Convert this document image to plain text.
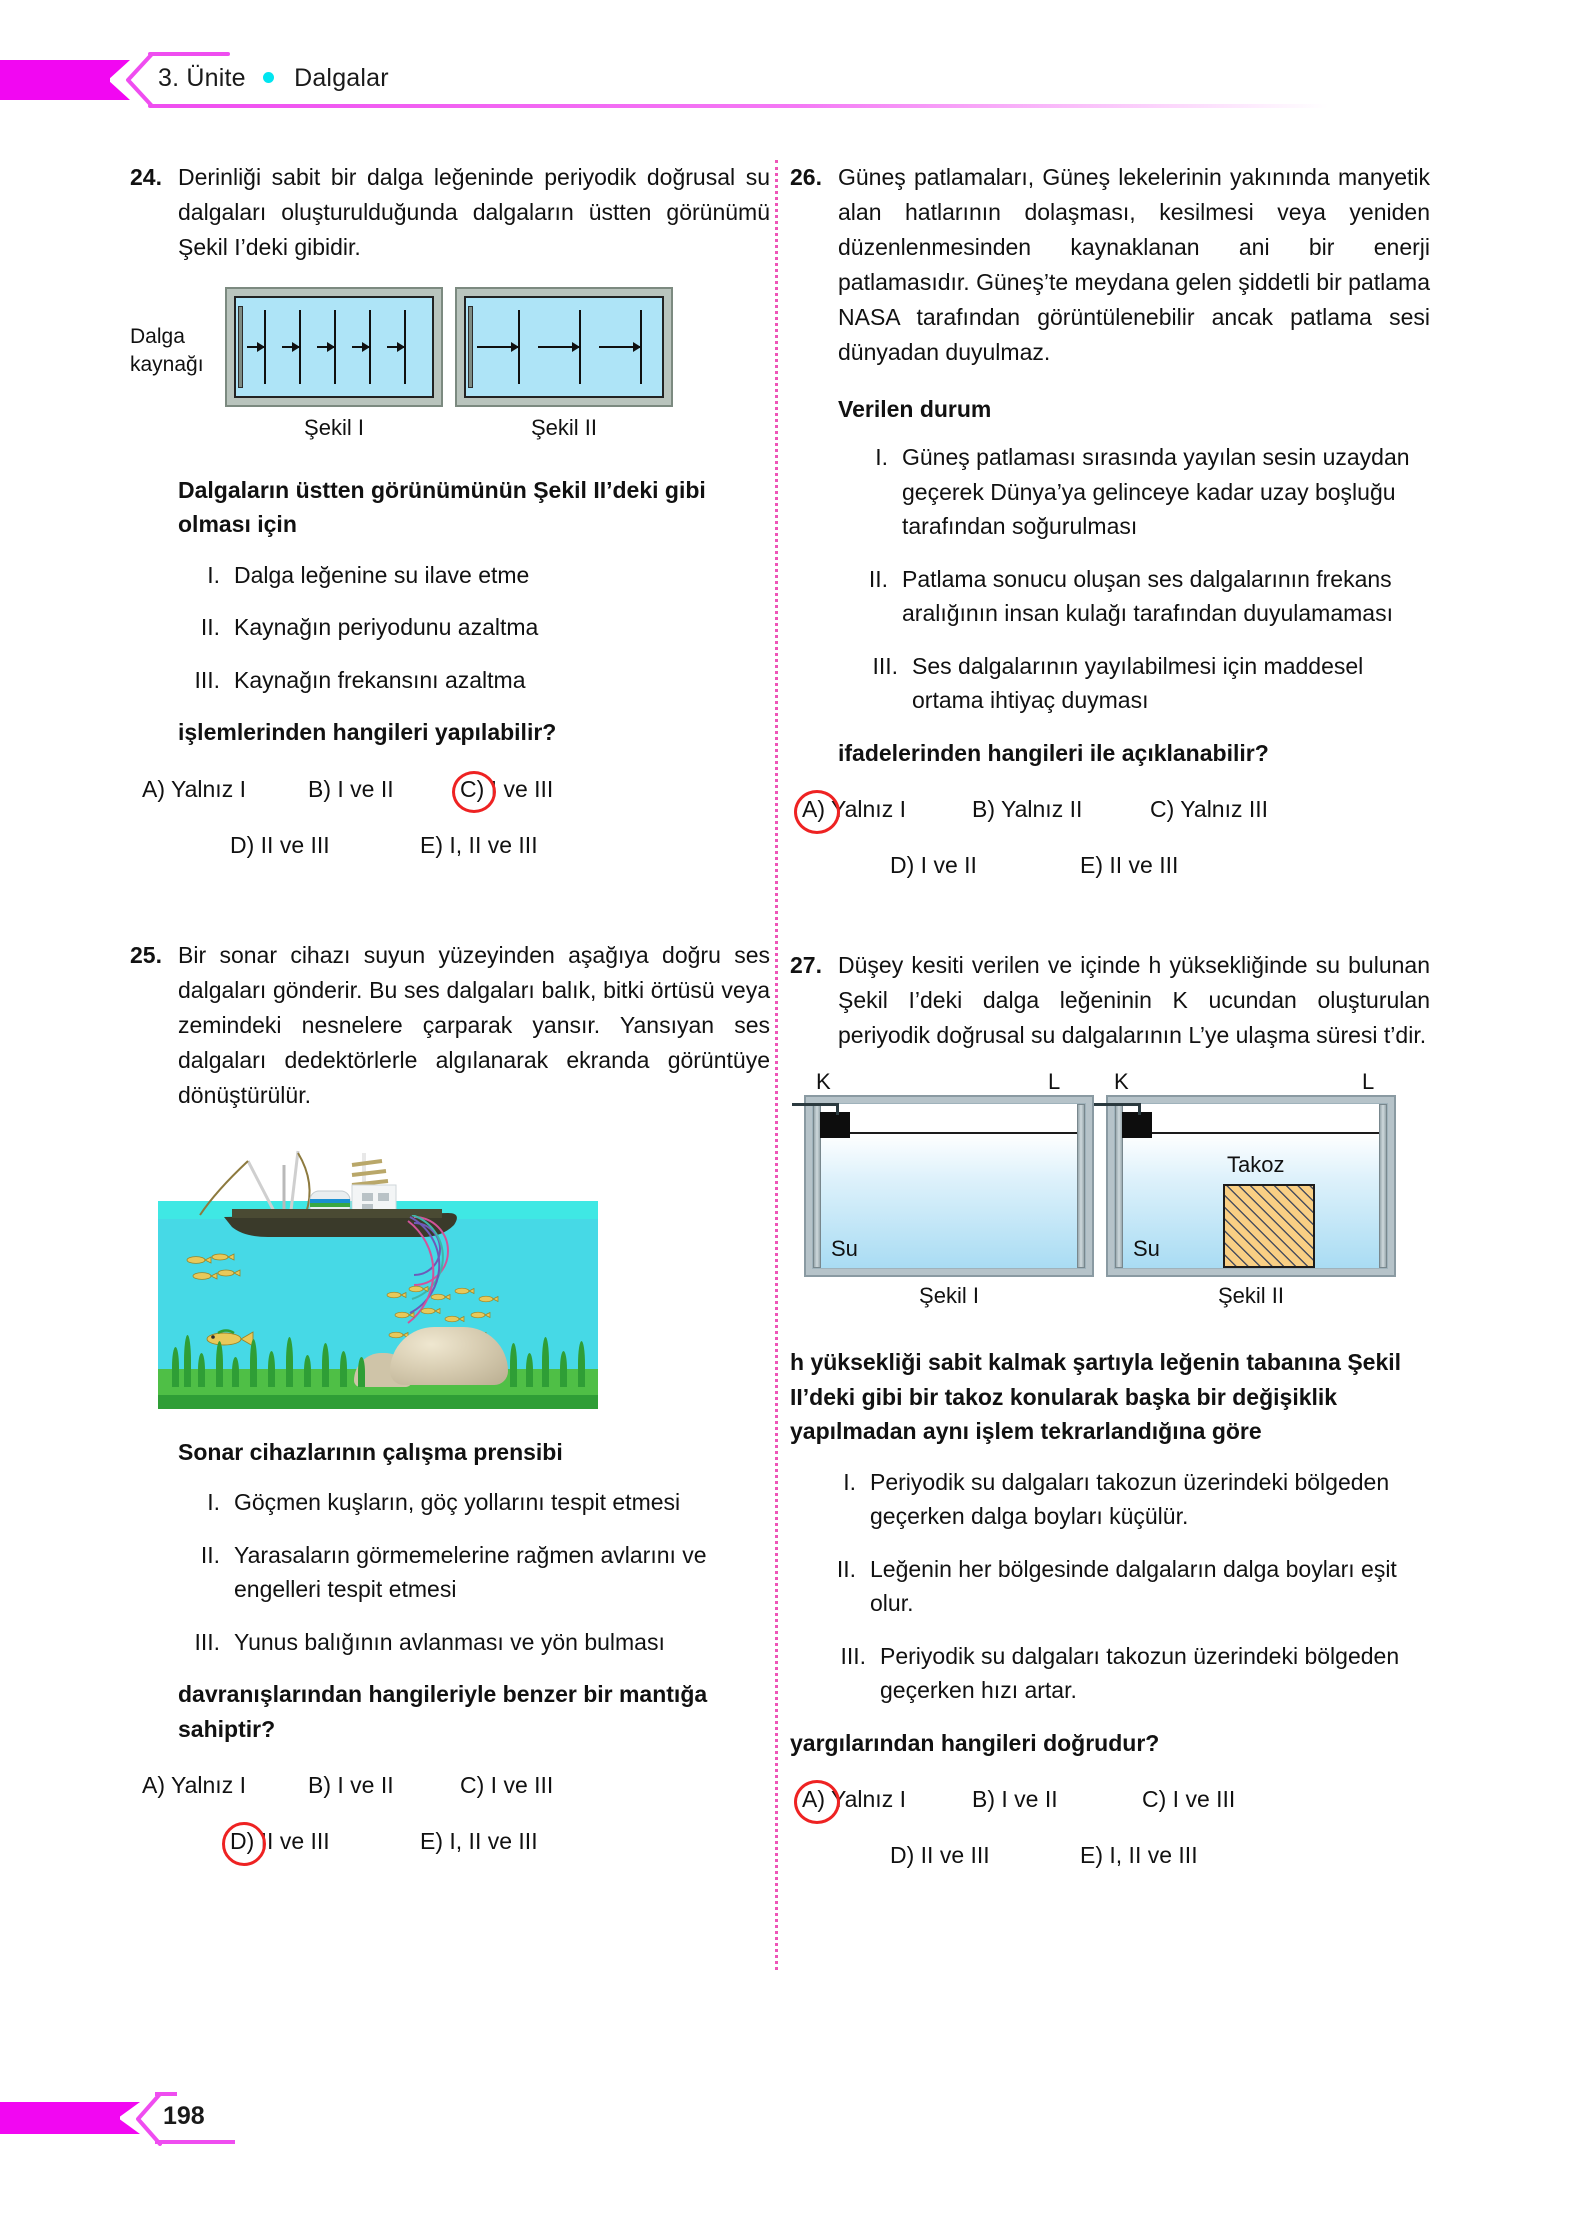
3. Ünite Dalgalar
24. Derinliği sabit bir dalga leğeninde periyodik doğrusal su dalgaları oluşturulduğunda dalgaların üstten görünümü Şekil I’deki gibidir.
Dalga
kaynağı
Şekil I	Şekil II
Dalgaların üstten görünümünün Şekil II’deki gibi olması için
I. Dalga leğenine su ilave etme
II. Kaynağın periyodunu azaltma
III. Kaynağın frekansını azaltma
işlemlerinden hangileri yapılabilir?
A) Yalnız I	B) I ve II	C) I ve III
D) II ve III	E) I, II ve III
25. Bir sonar cihazı suyun yüzeyinden aşağıya doğru ses dalgaları gönderir. Bu ses dalgaları balık, bitki örtüsü veya zemindeki nesnelere çarparak yansır. Yansıyan ses dalgaları dedektörlerle algılanarak ekranda görüntüye dönüştürülür.
Sonar cihazlarının çalışma prensibi
I. Göçmen kuşların, göç yollarını tespit etmesi
II. Yarasaların görmemelerine rağmen avlarını ve engelleri tespit etmesi
III. Yunus balığının avlanması ve yön bulması
davranışlarından hangileriyle benzer bir mantığa sahiptir?
A) Yalnız I	B) I ve II	C) I ve III
D) II ve III	E) I, II ve III
26. Güneş patlamaları, Güneş lekelerinin yakınında manyetik alan hatlarının dolaşması, kesilmesi veya yeniden düzenlenmesinden kaynaklanan ani bir enerji patlamasıdır. Güneş’te meydana gelen şiddetli bir patlama NASA tarafından görüntülenebilir ancak patlama sesi dünyadan duyulmaz.
Verilen durum
I. Güneş patlaması sırasında yayılan sesin uzaydan geçerek Dünya’ya gelinceye kadar uzay boşluğu tarafından soğurulması
II. Patlama sonucu oluşan ses dalgalarının frekans aralığının insan kulağı tarafından duyulamaması
III. Ses dalgalarının yayılabilmesi için maddesel ortama ihtiyaç duyması
ifadelerinden hangileri ile açıklanabilir?
A) Yalnız I	B) Yalnız II	C) Yalnız III
D) I ve II	E) II ve III
27. Düşey kesiti verilen ve içinde h yüksekliğinde su bulunan Şekil I’deki dalga leğeninin K ucundan oluşturulan periyodik doğrusal su dalgalarının L’ye ulaşma süresi t’dir.
K	L
Su
Şekil I
K	L
Su
Takoz
Şekil II
h yüksekliği sabit kalmak şartıyla leğenin tabanına Şekil II’deki gibi bir takoz konularak başka bir değişiklik yapılmadan aynı işlem tekrarlandığına göre
I. Periyodik su dalgaları takozun üzerindeki bölgeden geçerken dalga boyları küçülür.
II. Leğenin her bölgesinde dalgaların dalga boyları eşit olur.
III. Periyodik su dalgaları takozun üzerindeki bölgeden geçerken hızı artar.
yargılarından hangileri doğrudur?
A) Yalnız I	B) I ve II	C) I ve III
D) II ve III	E) I, II ve III
198
